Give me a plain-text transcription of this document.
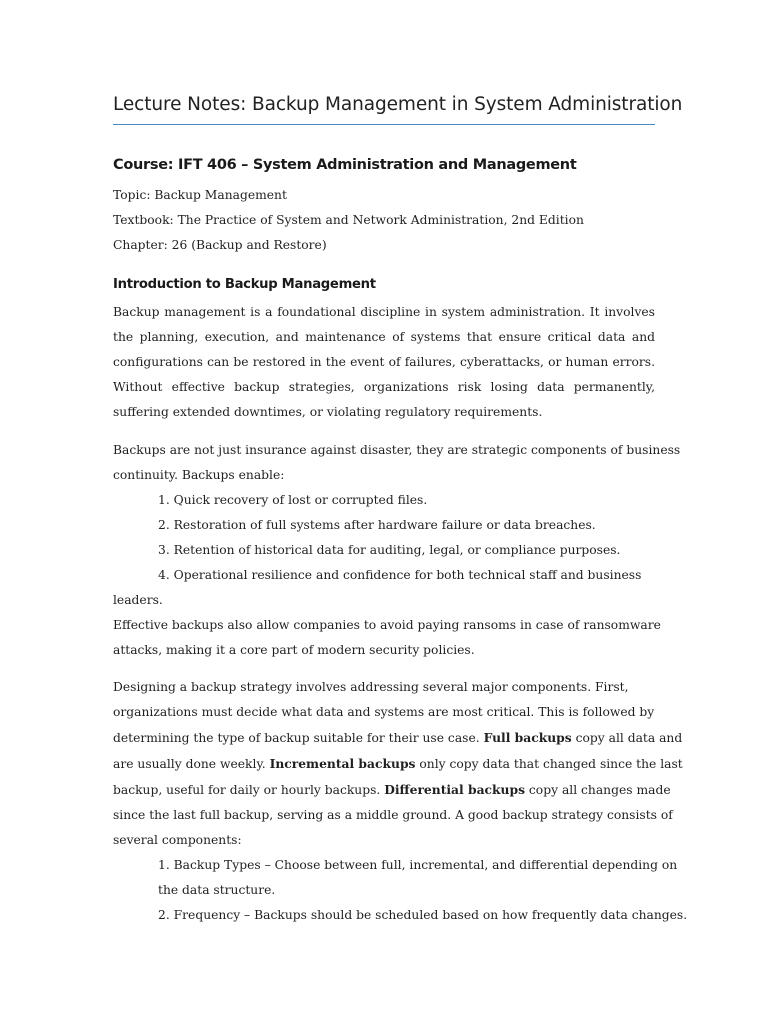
Lecture Notes: Backup Management in System Administration
Course: IFT 406 – System Administration and Management
Topic: Backup Management
Textbook: The Practice of System and Network Administration, 2nd Edition
Chapter: 26 (Backup and Restore)
Introduction to Backup Management

Backup management is a foundational discipline in system administration. It involves the planning, execution, and maintenance of systems that ensure critical data and configurations can be restored in the event of failures, cyberattacks, or human errors. Without effective backup strategies, organizations risk losing data permanently, suffering extended downtimes, or violating regulatory requirements.

Backups are not just insurance against disaster, they are strategic components of business
continuity. Backups enable:
1. Quick recovery of lost or corrupted files.
2. Restoration of full systems after hardware failure or data breaches.
3. Retention of historical data for auditing, legal, or compliance purposes.
4. Operational resilience and confidence for both technical staff and business
leaders.
Effective backups also allow companies to avoid paying ransoms in case of ransomware
attacks, making it a core part of modern security policies.
Designing a backup strategy involves addressing several major components. First,
organizations must decide what data and systems are most critical. This is followed by
determining the type of backup suitable for their use case. Full backups copy all data and
are usually done weekly. Incremental backups only copy data that changed since the last
backup, useful for daily or hourly backups. Differential backups copy all changes made
since the last full backup, serving as a middle ground. A good backup strategy consists of
several components:
1. Backup Types – Choose between full, incremental, and differential depending on
the data structure.
2. Frequency – Backups should be scheduled based on how frequently data changes.
